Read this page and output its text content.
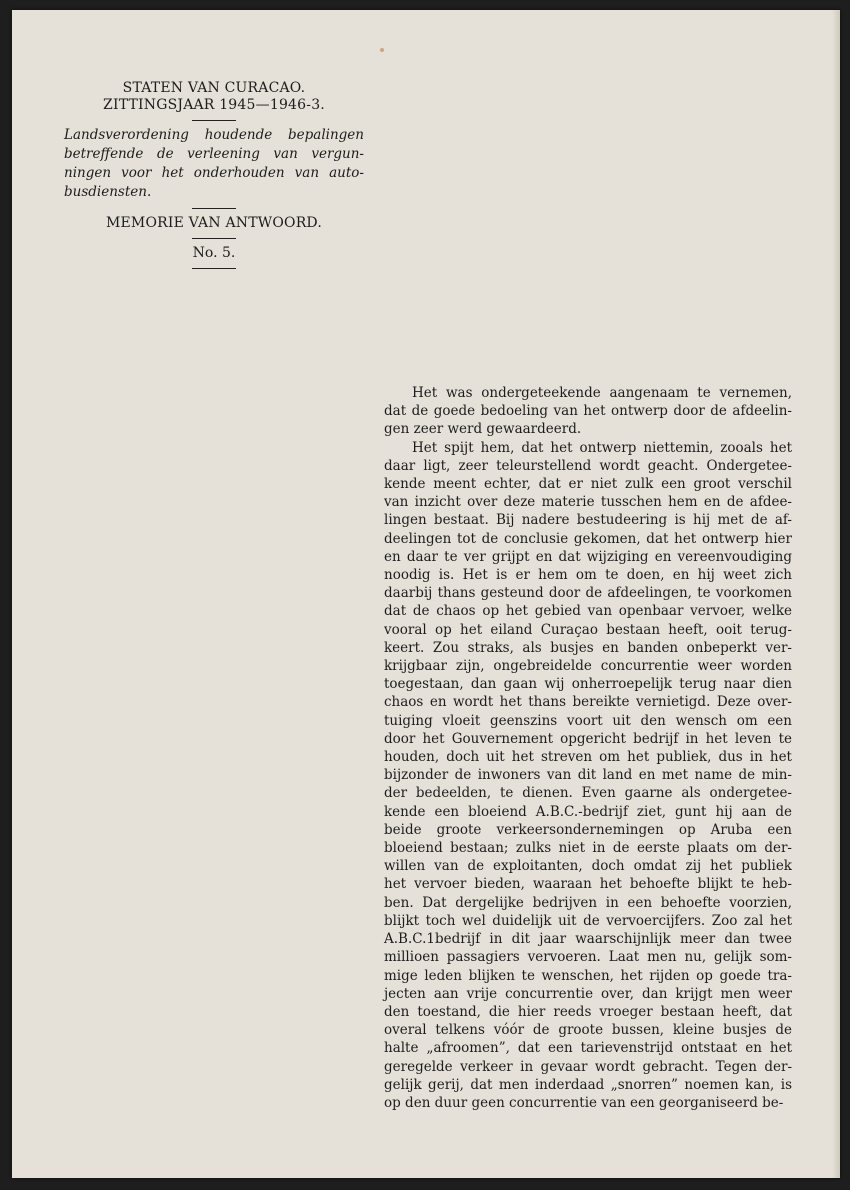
STATEN VAN CURACAO.
ZITTINGSJAAR 1945—1946-3.
Landsverordening houdende bepalingen
betreffende de verleening van vergun-
ningen voor het onderhouden van auto-
busdiensten.
MEMORIE VAN ANTWOORD.
No. 5.
Het was ondergeteekende aangenaam te vernemen,
dat de goede bedoeling van het ontwerp door de afdeelin-
gen zeer werd gewaardeerd.
Het spijt hem, dat het ontwerp niettemin, zooals het
daar ligt, zeer teleurstellend wordt geacht. Ondergetee-
kende meent echter, dat er niet zulk een groot verschil
van inzicht over deze materie tusschen hem en de afdee-
lingen bestaat. Bij nadere bestudeering is hij met de af-
deelingen tot de conclusie gekomen, dat het ontwerp hier
en daar te ver grijpt en dat wijziging en vereenvoudiging
noodig is. Het is er hem om te doen, en hij weet zich
daarbij thans gesteund door de afdeelingen, te voorkomen
dat de chaos op het gebied van openbaar vervoer, welke
vooral op het eiland Curaçao bestaan heeft, ooit terug-
keert. Zou straks, als busjes en banden onbeperkt ver-
krijgbaar zijn, ongebreidelde concurrentie weer worden
toegestaan, dan gaan wij onherroepelijk terug naar dien
chaos en wordt het thans bereikte vernietigd. Deze over-
tuiging vloeit geenszins voort uit den wensch om een
door het Gouvernement opgericht bedrijf in het leven te
houden, doch uit het streven om het publiek, dus in het
bijzonder de inwoners van dit land en met name de min-
der bedeelden, te dienen. Even gaarne als ondergetee-
kende een bloeiend A.B.C.-bedrijf ziet, gunt hij aan de
beide groote verkeersondernemingen op Aruba een
bloeiend bestaan; zulks niet in de eerste plaats om der-
willen van de exploitanten, doch omdat zij het publiek
het vervoer bieden, waaraan het behoefte blijkt te heb-
ben. Dat dergelijke bedrijven in een behoefte voorzien,
blijkt toch wel duidelijk uit de vervoercijfers. Zoo zal het
A.B.C.1bedrijf in dit jaar waarschijnlijk meer dan twee
millioen passagiers vervoeren. Laat men nu, gelijk som-
mige leden blijken te wenschen, het rijden op goede tra-
jecten aan vrije concurrentie over, dan krijgt men weer
den toestand, die hier reeds vroeger bestaan heeft, dat
overal telkens vóór de groote bussen, kleine busjes de
halte „afroomen”, dat een tarievenstrijd ontstaat en het
geregelde verkeer in gevaar wordt gebracht. Tegen der-
gelijk gerij, dat men inderdaad „snorren” noemen kan, is
op den duur geen concurrentie van een georganiseerd be-
